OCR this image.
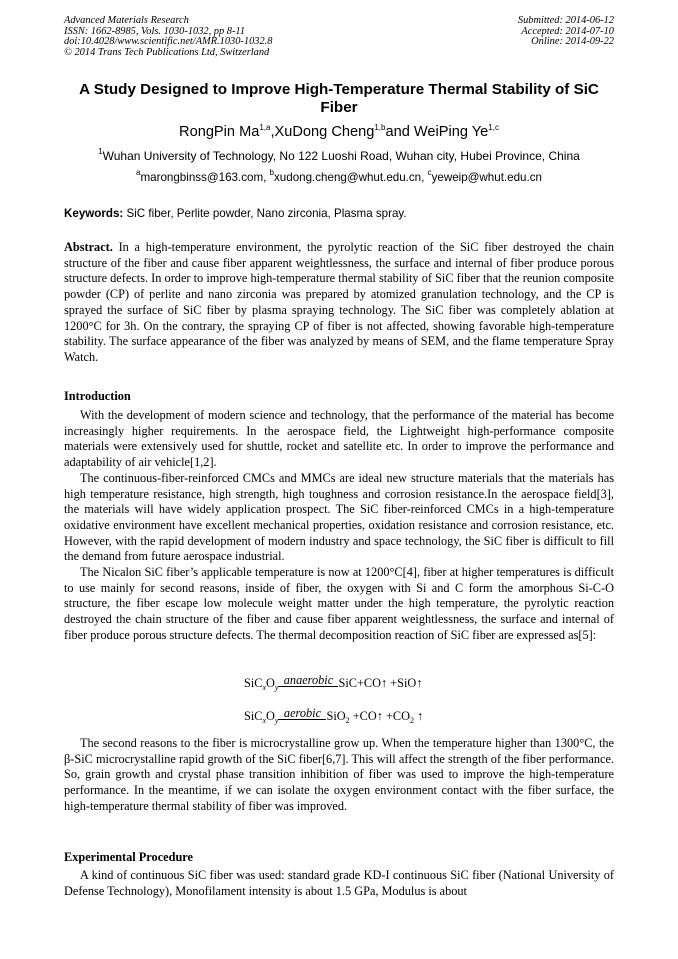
Advanced Materials Research
ISSN: 1662-8985, Vols. 1030-1032, pp 8-11
doi:10.4028/www.scientific.net/AMR.1030-1032.8
© 2014 Trans Tech Publications Ltd, Switzerland
Submitted: 2014-06-12
Accepted: 2014-07-10
Online: 2014-09-22
A Study Designed to Improve High-Temperature Thermal Stability of SiC Fiber
RongPin Ma$^{1,a}$,XuDong Cheng$^{1,b}$and WeiPing Ye$^{1,c}$
$^1$Wuhan University of Technology, No 122 Luoshi Road, Wuhan city, Hubei Province, China
$^a$marongbinss@163.com, $^b$xudong.cheng@whut.edu.cn, $^c$yeweip@whut.edu.cn
Keywords: SiC fiber, Perlite powder, Nano zirconia, Plasma spray.
Abstract. In a high-temperature environment, the pyrolytic reaction of the SiC fiber destroyed the chain structure of the fiber and cause fiber apparent weightlessness, the surface and internal of fiber produce porous structure defects. In order to improve high-temperature thermal stability of SiC fiber that the reunion composite powder (CP) of perlite and nano zirconia was prepared by atomized granulation technology, and the CP is sprayed the surface of SiC fiber by plasma spraying technology. The SiC fiber was completely ablation at 1200°C for 3h. On the contrary, the spraying CP of fiber is not affected, showing favorable high-temperature stability. The surface appearance of the fiber was analyzed by means of SEM, and the flame temperature Spray Watch.
Introduction

With the development of modern science and technology, that the performance of the material has become increasingly higher requirements. In the aerospace field, the Lightweight high-performance composite materials were extensively used for shuttle, rocket and satellite etc. In order to improve the performance and adaptability of air vehicle[1,2].

The continuous-fiber-reinforced CMCs and MMCs are ideal new structure materials that the materials has high temperature resistance, high strength, high toughness and corrosion resistance.In the aerospace field[3], the materials will have widely application prospect. The SiC fiber-reinforced CMCs in a high-temperature oxidative environment have excellent mechanical properties, oxidation resistance and corrosion resistance, etc. However, with the rapid development of modern industry and space technology, the SiC fiber is difficult to fill the demand from future aerospace industrial.

The Nicalon SiC fiber’s applicable temperature is now at 1200°C[4], fiber at higher temperatures is difficult to use mainly for second reasons, inside of fiber, the oxygen with Si and C form the amorphous Si-C-O structure, the fiber escape low molecule weight matter under the high temperature, the pyrolytic reaction destroyed the chain structure of the fiber and cause fiber apparent weightlessness, the surface and internal of fiber produce porous structure defects. The thermal decomposition reaction of SiC fiber are expressed as[5]:

$SiC_xO_y$
anaerobic SiC+CO↑ +SiO↑
$SiC_xO_y$
aerobic SiO$_2$ +CO↑ $+CO_2$ ↑

The second reasons to the fiber is microcrystalline grow up. When the temperature higher than 1300°C, the β-SiC microcrystalline rapid growth of the SiC fiber[6,7]. This will affect the strength of the fiber performance. So, grain growth and crystal phase transition inhibition of fiber was used to improve the high-temperature performance. In the meantime, if we can isolate the oxygen environment contact with the fiber surface, the high-temperature thermal stability of fiber was improved.

Experimental Procedure

A kind of continuous SiC fiber was used: standard grade KD-I continuous SiC fiber (National University of Defense Technology), Monofilament intensity is about 1.5 GPa, Modulus is about
